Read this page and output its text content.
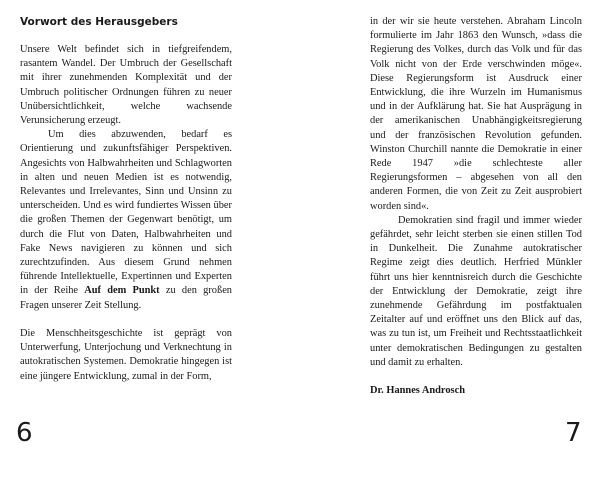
Vorwort des Herausgebers

Unsere Welt befindet sich in tiefgreifendem, rasantem Wandel. Der Umbruch der Gesellschaft mit ihrer zunehmenden Komplexität und der Umbruch politischer Ordnungen führen zu neuer Unübersichtlichkeit, welche wachsende Verunsicherung erzeugt.

Um dies abzuwenden, bedarf es Orientierung und zukunftsfähiger Perspektiven. Angesichts von Halbwahrheiten und Schlagworten in alten und neuen Medien ist es notwendig, Relevantes und Irrelevantes, Sinn und Unsinn zu unterscheiden. Und es wird fundiertes Wissen über die großen Themen der Gegenwart benötigt, um durch die Flut von Daten, Halbwahrheiten und Fake News navigieren zu können und sich zurechtzufinden. Aus diesem Grund nehmen führende Intellektuelle, Expertinnen und Experten in der Reihe Auf dem Punkt zu den großen Fragen unserer Zeit Stellung.

Die Menschheitsgeschichte ist geprägt von Unterwerfung, Unterjochung und Verknechtung in autokratischen Systemen. Demokratie hingegen ist eine jüngere Entwicklung, zumal in der Form,

6

in der wir sie heute verstehen. Abraham Lincoln formulierte im Jahr 1863 den Wunsch, »dass die Regierung des Volkes, durch das Volk und für das Volk nicht von der Erde verschwinden möge«. Diese Regierungsform ist Ausdruck einer Entwicklung, die ihre Wurzeln im Humanismus und in der Aufklärung hat. Sie hat Ausprägung in der amerikanischen Unabhängigkeitsregierung und der französischen Revolution gefunden. Winston Churchill nannte die Demokratie in einer Rede 1947 »die schlechteste aller Regierungsformen – abgesehen von all den anderen Formen, die von Zeit zu Zeit ausprobiert worden sind«.

Demokratien sind fragil und immer wieder gefährdet, sehr leicht sterben sie einen stillen Tod in Dunkelheit. Die Zunahme autokratischer Regime zeigt dies deutlich. Herfried Münkler führt uns hier kenntnisreich durch die Geschichte der Entwicklung der Demokratie, zeigt ihre zunehmende Gefährdung im postfaktualen Zeitalter auf und eröffnet uns den Blick auf das, was zu tun ist, um Freiheit und Rechtsstaatlichkeit unter demokratischen Bedingungen zu gestalten und damit zu erhalten.

Dr. Hannes Androsch

7
